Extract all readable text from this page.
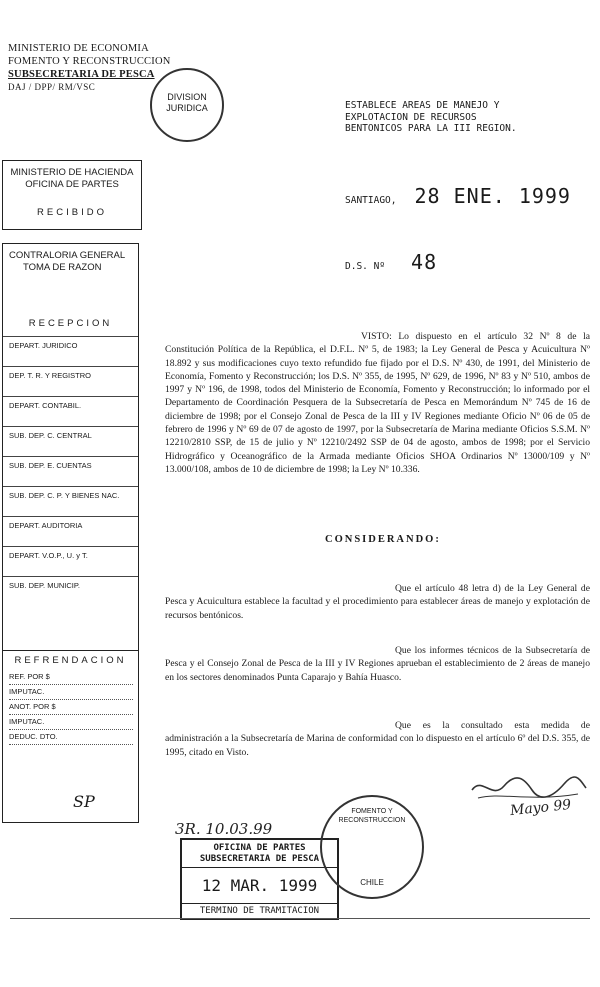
MINISTERIO DE ECONOMIA
FOMENTO Y RECONSTRUCCION
SUBSECRETARIA DE PESCA
DAJ / DPP/ RM/VSC
DIVISION
JURIDICA	ESTABLECE AREAS DE MANEJO Y
EXPLOTACION DE RECURSOS
BENTONICOS PARA LA III REGION.
MINISTERIO DE HACIENDA
OFICINA DE PARTES
RECIBIDO
CONTRALORIA GENERAL
TOMA DE RAZON
RECEPCION
DEPART. JURIDICO
DEP. T. R. Y REGISTRO
DEPART. CONTABIL.
SUB. DEP. C. CENTRAL
SUB. DEP. E. CUENTAS
SUB. DEP. C. P. Y BIENES NAC.
DEPART. AUDITORIA
DEPART. V.O.P., U. y T.
SUB. DEP. MUNICIP.
REFRENDACION
REF. POR $
IMPUTAC.
ANOT. POR $
IMPUTAC.
DEDUC. DTO.
SP
SANTIAGO, 28 ENE. 1999
D.S. Nº 48
VISTO: Lo dispuesto en el artículo 32 Nº 8 de la Constitución Política de la República, el D.F.L. Nº 5, de 1983; la Ley General de Pesca y Acuicultura Nº 18.892 y sus modificaciones cuyo texto refundido fue fijado por el D.S. Nº 430, de 1991, del Ministerio de Economía, Fomento y Reconstrucción; los D.S. Nº 355, de 1995, Nº 629, de 1996, Nº 83 y Nº 510, ambos de 1997 y Nº 196, de 1998, todos del Ministerio de Economía, Fomento y Reconstrucción; lo informado por el Departamento de Coordinación Pesquera de la Subsecretaría de Pesca en Memorándum Nº 745 de 16 de diciembre de 1998; por el Consejo Zonal de Pesca de la III y IV Regiones mediante Oficio Nº 06 de 05 de febrero de 1996 y Nº 69 de 07 de agosto de 1997, por la Subsecretaría de Marina mediante Oficios S.S.M. Nº 12210/2810 SSP, de 15 de julio y Nº 12210/2492 SSP de 04 de agosto, ambos de 1998; por el Servicio Hidrográfico y Oceanográfico de la Armada mediante Oficios SHOA Ordinarios Nº 13000/109 y Nº 13.000/108, ambos de 10 de diciembre de 1998; la Ley Nº 10.336.
CONSIDERANDO:
Que el artículo 48 letra d) de la Ley General de Pesca y Acuicultura establece la facultad y el procedimiento para establecer áreas de manejo y explotación de recursos bentónicos.
Que los informes técnicos de la Subsecretaría de Pesca y el Consejo Zonal de Pesca de la III y IV Regiones aprueban el establecimiento de 2 áreas de manejo en los sectores denominados Punta Caparajo y Bahía Huasco.
Que es la consultado esta medida de administración a la Subsecretaría de Marina de conformidad con lo dispuesto en el artículo 6º del D.S. 355, de 1995, citado en Visto.
3R. 10.03.99
Mayo 99
OFICINA DE PARTES
SUBSECRETARIA DE PESCA
12 MAR. 1999
TERMINO DE TRAMITACION
FOMENTO Y RECONSTRUCCION
CHILE
